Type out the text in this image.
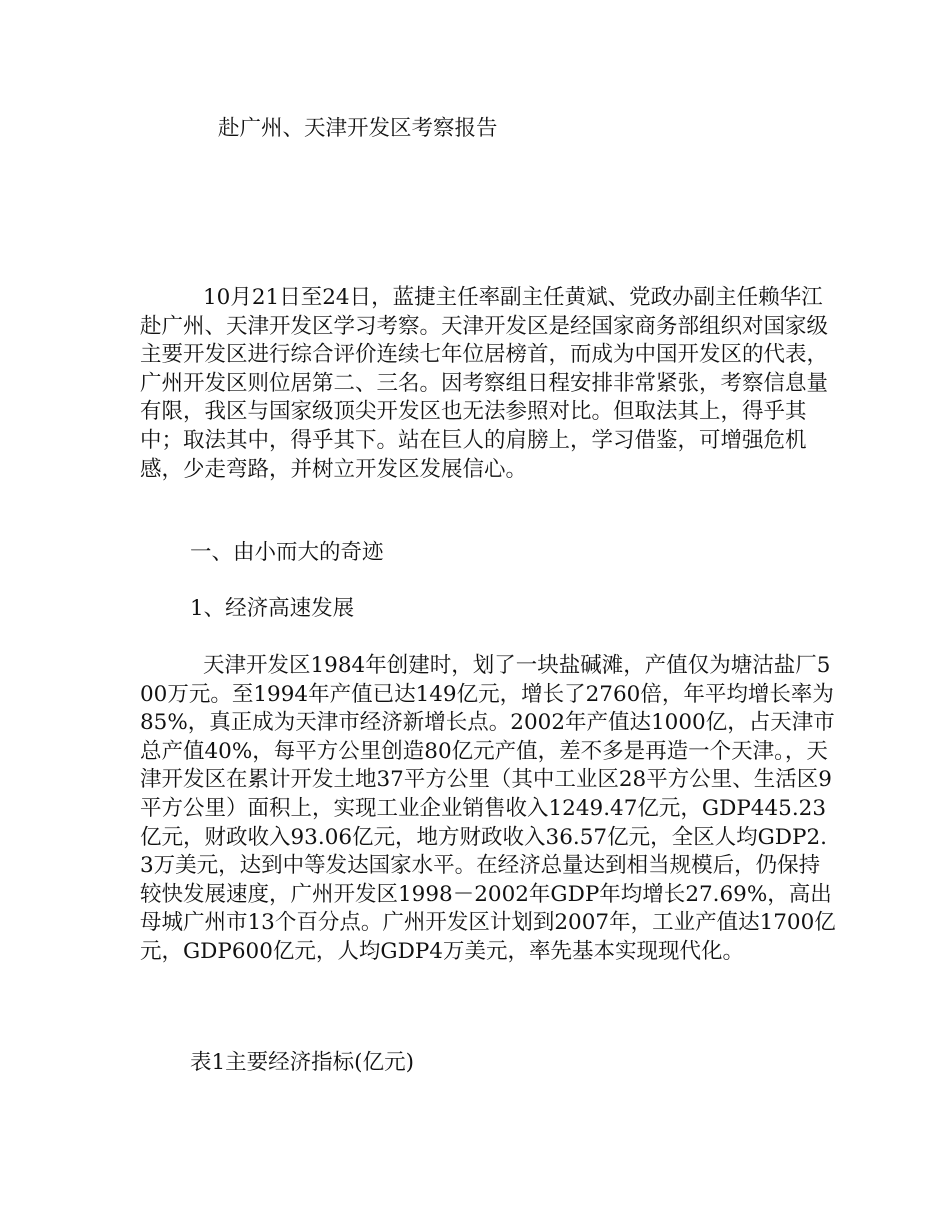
赴广州、天津开发区考察报告

10月21日至24日，蓝捷主任率副主任黄斌、党政办副主任赖华江赴广州、天津开发区学习考察。天津开发区是经国家商务部组织对国家级主要开发区进行综合评价连续七年位居榜首，而成为中国开发区的代表，广州开发区则位居第二、三名。因考察组日程安排非常紧张，考察信息量有限，我区与国家级顶尖开发区也无法参照对比。但取法其上，得乎其中；取法其中，得乎其下。站在巨人的肩膀上，学习借鉴，可增强危机感，少走弯路，并树立开发区发展信心。

一、由小而大的奇迹
1、经济高速发展

天津开发区1984年创建时，划了一块盐碱滩，产值仅为塘沽盐厂500万元。至1994年产值已达149亿元，增长了2760倍，年平均增长率为85%，真正成为天津市经济新增长点。2002年产值达1000亿，占天津市总产值40%，每平方公里创造80亿元产值，差不多是再造一个天津。，天津开发区在累计开发土地37平方公里（其中工业区28平方公里、生活区9平方公里）面积上，实现工业企业销售收入1249.47亿元，GDP445.23亿元，财政收入93.06亿元，地方财政收入36.57亿元，全区人均GDP2.3万美元，达到中等发达国家水平。在经济总量达到相当规模后，仍保持较快发展速度，广州开发区1998－2002年GDP年均增长27.69%，高出母城广州市13个百分点。广州开发区计划到2007年，工业产值达1700亿元，GDP600亿元，人均GDP4万美元，率先基本实现现代化。

表1主要经济指标(亿元)
